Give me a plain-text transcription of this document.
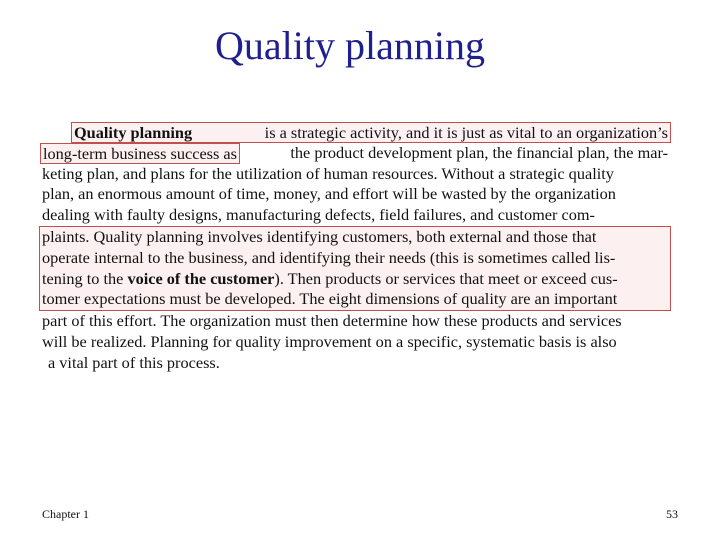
Quality planning
Quality planning	is a strategic activity, and it is just as vital to an organization’s
long-term business success as	the product development plan, the financial plan, the mar-
keting plan, and plans for the utilization of human resources. Without a strategic quality
plan, an enormous amount of time, money, and effort will be wasted by the organization
dealing with faulty designs, manufacturing defects, field failures, and customer com-
plaints. Quality planning involves identifying customers, both external and those that
operate internal to the business, and identifying their needs (this is sometimes called lis-
tening to the voice of the customer). Then products or services that meet or exceed cus-
tomer expectations must be developed. The eight dimensions of quality are an important
part of this effort. The organization must then determine how these products and services
will be realized. Planning for quality improvement on a specific, systematic basis is also
a vital part of this process.
Chapter 1	53
